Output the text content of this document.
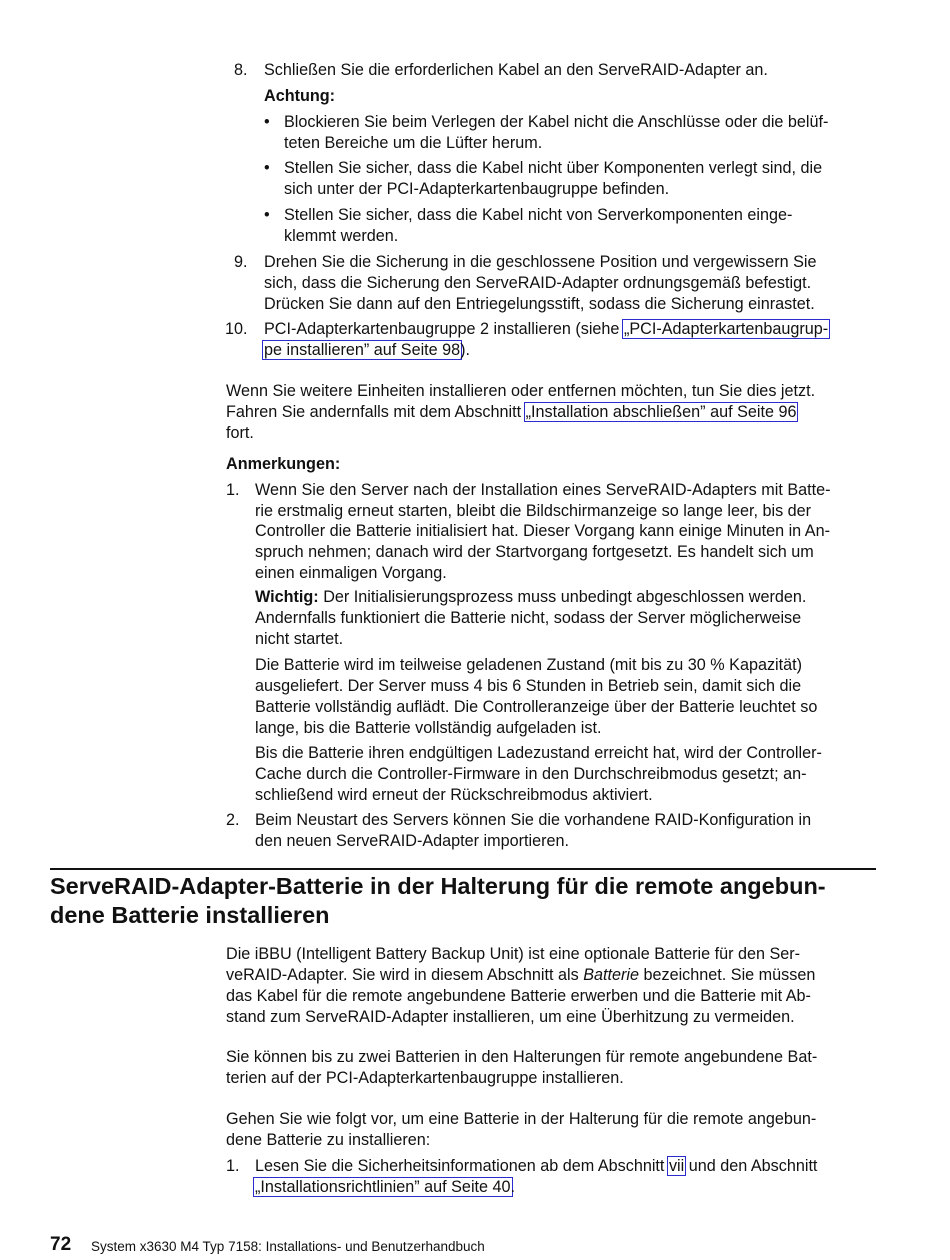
8. Schließen Sie die erforderlichen Kabel an den ServeRAID-Adapter an.
Achtung:
• Blockieren Sie beim Verlegen der Kabel nicht die Anschlüsse oder die belüf-
teten Bereiche um die Lüfter herum.
• Stellen Sie sicher, dass die Kabel nicht über Komponenten verlegt sind, die
sich unter der PCI-Adapterkartenbaugruppe befinden.
• Stellen Sie sicher, dass die Kabel nicht von Serverkomponenten einge-
klemmt werden.
9. Drehen Sie die Sicherung in die geschlossene Position und vergewissern Sie
sich, dass die Sicherung den ServeRAID-Adapter ordnungsgemäß befestigt.
Drücken Sie dann auf den Entriegelungsstift, sodass die Sicherung einrastet.
10. PCI-Adapterkartenbaugruppe 2 installieren (siehe „PCI-Adapterkartenbaugrup-
pe installieren” auf Seite 98).
Wenn Sie weitere Einheiten installieren oder entfernen möchten, tun Sie dies jetzt.
Fahren Sie andernfalls mit dem Abschnitt „Installation abschließen” auf Seite 96
fort.
Anmerkungen:
1. Wenn Sie den Server nach der Installation eines ServeRAID-Adapters mit Batte-
rie erstmalig erneut starten, bleibt die Bildschirmanzeige so lange leer, bis der
Controller die Batterie initialisiert hat. Dieser Vorgang kann einige Minuten in An-
spruch nehmen; danach wird der Startvorgang fortgesetzt. Es handelt sich um
einen einmaligen Vorgang.
Wichtig: Der Initialisierungsprozess muss unbedingt abgeschlossen werden.
Andernfalls funktioniert die Batterie nicht, sodass der Server möglicherweise
nicht startet.
Die Batterie wird im teilweise geladenen Zustand (mit bis zu 30 % Kapazität)
ausgeliefert. Der Server muss 4 bis 6 Stunden in Betrieb sein, damit sich die
Batterie vollständig auflädt. Die Controlleranzeige über der Batterie leuchtet so
lange, bis die Batterie vollständig aufgeladen ist.
Bis die Batterie ihren endgültigen Ladezustand erreicht hat, wird der Controller-
Cache durch die Controller-Firmware in den Durchschreibmodus gesetzt; an-
schließend wird erneut der Rückschreibmodus aktiviert.
2. Beim Neustart des Servers können Sie die vorhandene RAID-Konfiguration in
den neuen ServeRAID-Adapter importieren.
ServeRAID-Adapter-Batterie in der Halterung für die remote angebun-
dene Batterie installieren
Die iBBU (Intelligent Battery Backup Unit) ist eine optionale Batterie für den Ser-
veRAID-Adapter. Sie wird in diesem Abschnitt als Batterie bezeichnet. Sie müssen
das Kabel für die remote angebundene Batterie erwerben und die Batterie mit Ab-
stand zum ServeRAID-Adapter installieren, um eine Überhitzung zu vermeiden.
Sie können bis zu zwei Batterien in den Halterungen für remote angebundene Bat-
terien auf der PCI-Adapterkartenbaugruppe installieren.
Gehen Sie wie folgt vor, um eine Batterie in der Halterung für die remote angebun-
dene Batterie zu installieren:
1. Lesen Sie die Sicherheitsinformationen ab dem Abschnitt vii und den Abschnitt
„Installationsrichtlinien” auf Seite 40.
72 System x3630 M4 Typ 7158: Installations- und Benutzerhandbuch
